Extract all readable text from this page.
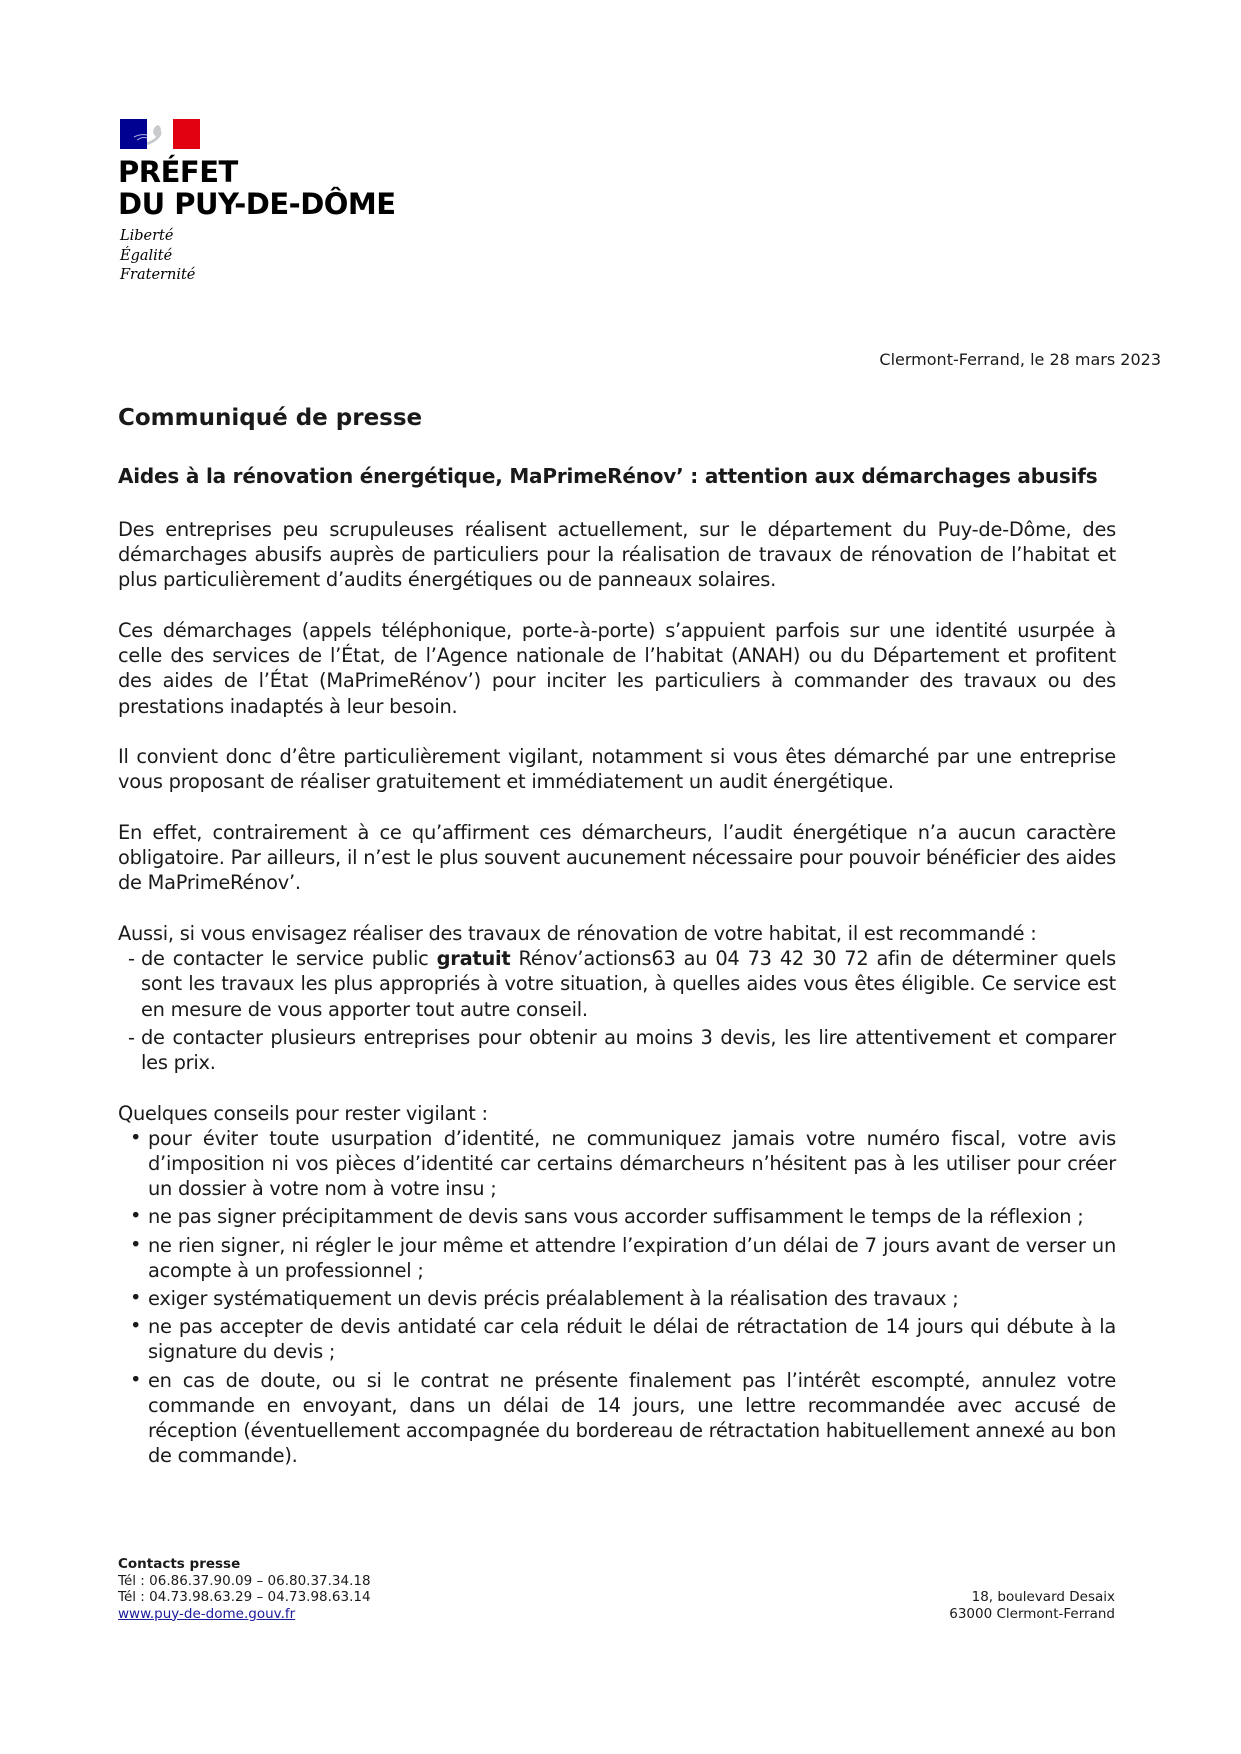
PRÉFET
DU PUY-DE-DÔME
Liberté
Égalité
Fraternité
Clermont-Ferrand, le 28 mars 2023
Communiqué de presse
Aides à la rénovation énergétique, MaPrimeRénov’ : attention aux démarchages abusifs

Des entreprises peu scrupuleuses réalisent actuellement, sur le département du Puy-de-Dôme, des démarchages abusifs auprès de particuliers pour la réalisation de travaux de rénovation de l’habitat et plus particulièrement d’audits énergétiques ou de panneaux solaires.

Ces démarchages (appels téléphonique, porte-à-porte) s’appuient parfois sur une identité usurpée à celle des services de l’État, de l’Agence nationale de l’habitat (ANAH) ou du Département et profitent des aides de l’État (MaPrimeRénov’) pour inciter les particuliers à commander des travaux ou des prestations inadaptés à leur besoin.

Il convient donc d’être particulièrement vigilant, notamment si vous êtes démarché par une entreprise vous proposant de réaliser gratuitement et immédiatement un audit énergétique.

En effet, contrairement à ce qu’affirment ces démarcheurs, l’audit énergétique n’a aucun caractère obligatoire. Par ailleurs, il n’est le plus souvent aucunement nécessaire pour pouvoir bénéficier des aides de MaPrimeRénov’.

Aussi, si vous envisagez réaliser des travaux de rénovation de votre habitat, il est recommandé :

- de contacter le service public gratuit Rénov’actions63 au 04 73 42 30 72 afin de déterminer quels sont les travaux les plus appropriés à votre situation, à quelles aides vous êtes éligible. Ce service est en mesure de vous apporter tout autre conseil.
- de contacter plusieurs entreprises pour obtenir au moins 3 devis, les lire attentivement et comparer les prix.

Quelques conseils pour rester vigilant :

• pour éviter toute usurpation d’identité, ne communiquez jamais votre numéro fiscal, votre avis d’imposition ni vos pièces d’identité car certains démarcheurs n’hésitent pas à les utiliser pour créer un dossier à votre nom à votre insu ;
• ne pas signer précipitamment de devis sans vous accorder suffisamment le temps de la réflexion ;
• ne rien signer, ni régler le jour même et attendre l’expiration d’un délai de 7 jours avant de verser un acompte à un professionnel ;
• exiger systématiquement un devis précis préalablement à la réalisation des travaux ;
• ne pas accepter de devis antidaté car cela réduit le délai de rétractation de 14 jours qui débute à la signature du devis ;
• en cas de doute, ou si le contrat ne présente finalement pas l’intérêt escompté, annulez votre commande en envoyant, dans un délai de 14 jours, une lettre recommandée avec accusé de réception (éventuellement accompagnée du bordereau de rétractation habituellement annexé au bon de commande).
Contacts presse
Tél : 06.86.37.90.09 – 06.80.37.34.18
Tél : 04.73.98.63.29 – 04.73.98.63.14
www.puy-de-dome.gouv.fr
18, boulevard Desaix
63000 Clermont-Ferrand
